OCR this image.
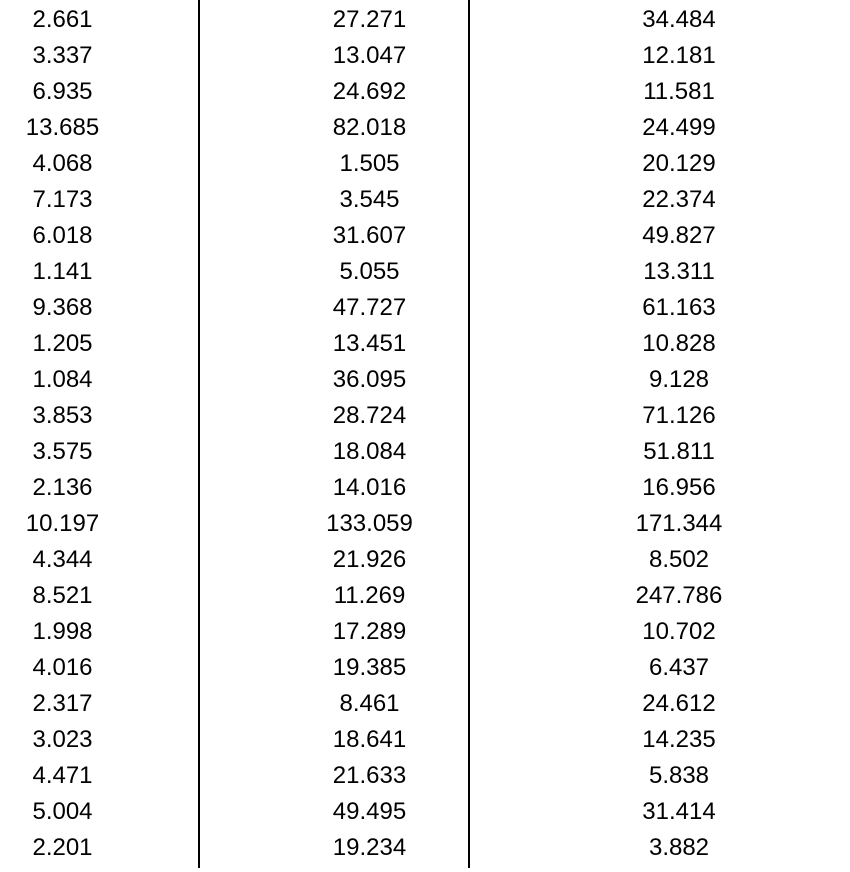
2.661	27.271	34.484
3.337	13.047	12.181
6.935	24.692	11.581
13.685	82.018	24.499
4.068	1.505	20.129
7.173	3.545	22.374
6.018	31.607	49.827
1.141	5.055	13.311
9.368	47.727	61.163
1.205	13.451	10.828
1.084	36.095	9.128
3.853	28.724	71.126
3.575	18.084	51.811
2.136	14.016	16.956
10.197	133.059	171.344
4.344	21.926	8.502
8.521	11.269	247.786
1.998	17.289	10.702
4.016	19.385	6.437
2.317	8.461	24.612
3.023	18.641	14.235
4.471	21.633	5.838
5.004	49.495	31.414
2.201	19.234	3.882
